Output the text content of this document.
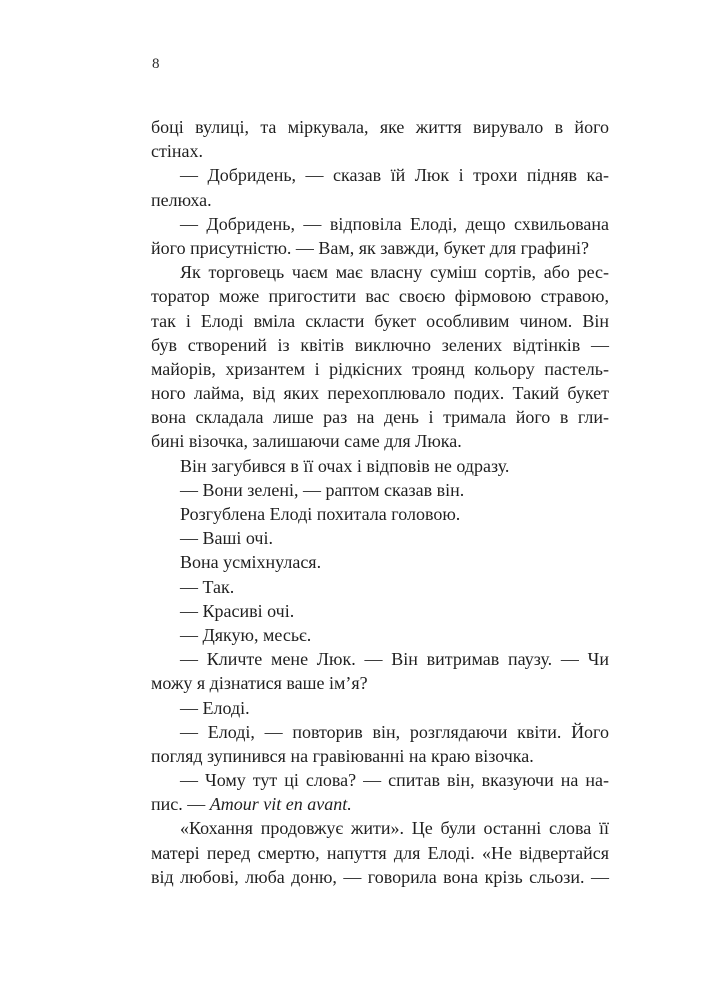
8
боці вулиці, та міркувала, яке життя вирувало в його
стінах.
— Добридень, — сказав їй Люк і трохи підняв ка-
пелюха.
— Добридень, — відповіла Елоді, дещо схвильована
його присутністю. — Вам, як завжди, букет для графині?
Як торговець чаєм має власну суміш сортів, або рес-
торатор може пригостити вас своєю фірмовою стравою,
так і Елоді вміла скласти букет особливим чином. Він
був створений із квітів виключно зелених відтінків —
майорів, хризантем і рідкісних троянд кольору пастель-
ного лайма, від яких перехоплювало подих. Такий букет
вона складала лише раз на день і тримала його в гли-
бині візочка, залишаючи саме для Люка.
Він загубився в її очах і відповів не одразу.
— Вони зелені, — раптом сказав він.
Розгублена Елоді похитала головою.
— Ваші очі.
Вона усміхнулася.
— Так.
— Красиві очі.
— Дякую, месьє.
— Кличте мене Люк. — Він витримав паузу. — Чи
можу я дізнатися ваше ім’я?
— Елоді.
— Елоді, — повторив він, розглядаючи квіти. Його
погляд зупинився на гравіюванні на краю візочка.
— Чому тут ці слова? — спитав він, вказуючи на на-
пис. — Amour vit en avant.
«Кохання продовжує жити». Це були останні слова її
матері перед смертю, напуття для Елоді. «Не відвертайся
від любові, люба доню, — говорила вона крізь сльози. —
